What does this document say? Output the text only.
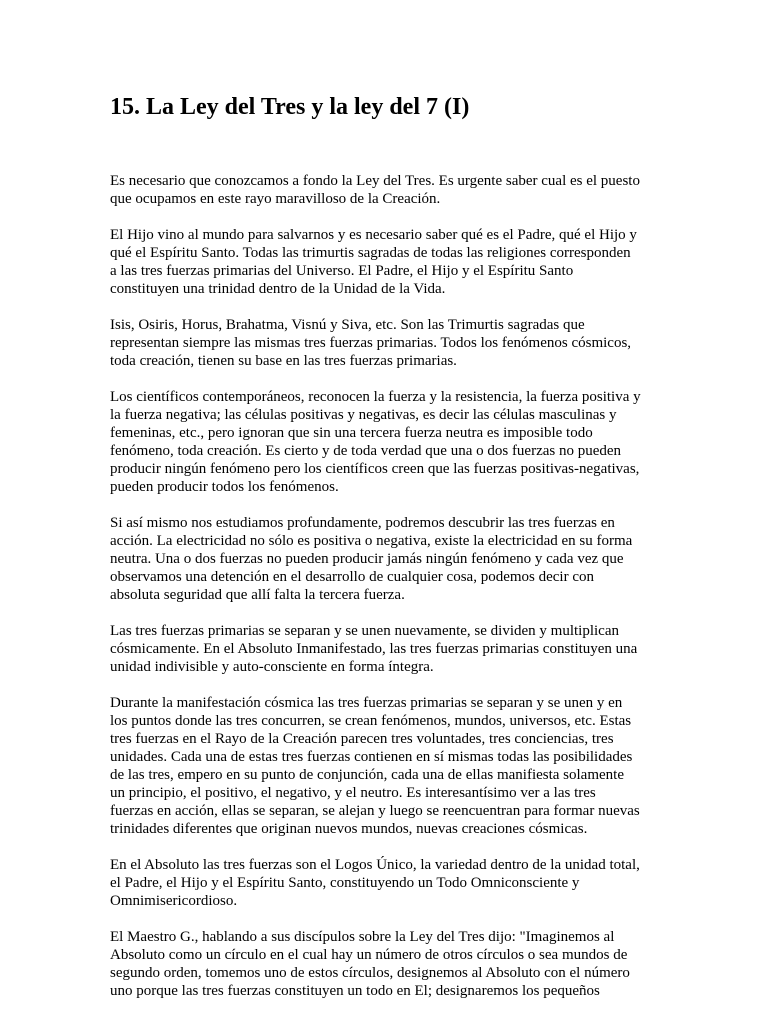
15. La Ley del Tres y la ley del 7 (I)

Es necesario que conozcamos a fondo la Ley del Tres. Es urgente saber cual es el puesto
que ocupamos en este rayo maravilloso de la Creación.

El Hijo vino al mundo para salvarnos y es necesario saber qué es el Padre, qué el Hijo y
qué el Espíritu Santo. Todas las trimurtis sagradas de todas las religiones corresponden
a las tres fuerzas primarias del Universo. El Padre, el Hijo y el Espíritu Santo
constituyen una trinidad dentro de la Unidad de la Vida.

Isis, Osiris, Horus, Brahatma, Visnú y Siva, etc. Son las Trimurtis sagradas que
representan siempre las mismas tres fuerzas primarias. Todos los fenómenos cósmicos,
toda creación, tienen su base en las tres fuerzas primarias.

Los científicos contemporáneos, reconocen la fuerza y la resistencia, la fuerza positiva y
la fuerza negativa; las células positivas y negativas, es decir las células masculinas y
femeninas, etc., pero ignoran que sin una tercera fuerza neutra es imposible todo
fenómeno, toda creación. Es cierto y de toda verdad que una o dos fuerzas no pueden
producir ningún fenómeno pero los científicos creen que las fuerzas positivas-negativas,
pueden producir todos los fenómenos.

Si así mismo nos estudiamos profundamente, podremos descubrir las tres fuerzas en
acción. La electricidad no sólo es positiva o negativa, existe la electricidad en su forma
neutra. Una o dos fuerzas no pueden producir jamás ningún fenómeno y cada vez que
observamos una detención en el desarrollo de cualquier cosa, podemos decir con
absoluta seguridad que allí falta la tercera fuerza.

Las tres fuerzas primarias se separan y se unen nuevamente, se dividen y multiplican
cósmicamente. En el Absoluto Inmanifestado, las tres fuerzas primarias constituyen una
unidad indivisible y auto-consciente en forma íntegra.

Durante la manifestación cósmica las tres fuerzas primarias se separan y se unen y en
los puntos donde las tres concurren, se crean fenómenos, mundos, universos, etc. Estas
tres fuerzas en el Rayo de la Creación parecen tres voluntades, tres conciencias, tres
unidades. Cada una de estas tres fuerzas contienen en sí mismas todas las posibilidades
de las tres, empero en su punto de conjunción, cada una de ellas manifiesta solamente
un principio, el positivo, el negativo, y el neutro. Es interesantísimo ver a las tres
fuerzas en acción, ellas se separan, se alejan y luego se reencuentran para formar nuevas
trinidades diferentes que originan nuevos mundos, nuevas creaciones cósmicas.

En el Absoluto las tres fuerzas son el Logos Único, la variedad dentro de la unidad total,
el Padre, el Hijo y el Espíritu Santo, constituyendo un Todo Omniconsciente y
Omnimisericordioso.

El Maestro G., hablando a sus discípulos sobre la Ley del Tres dijo: "Imaginemos al
Absoluto como un círculo en el cual hay un número de otros círculos o sea mundos de
segundo orden, tomemos uno de estos círculos, designemos al Absoluto con el número
uno porque las tres fuerzas constituyen un todo en El; designaremos los pequeños
